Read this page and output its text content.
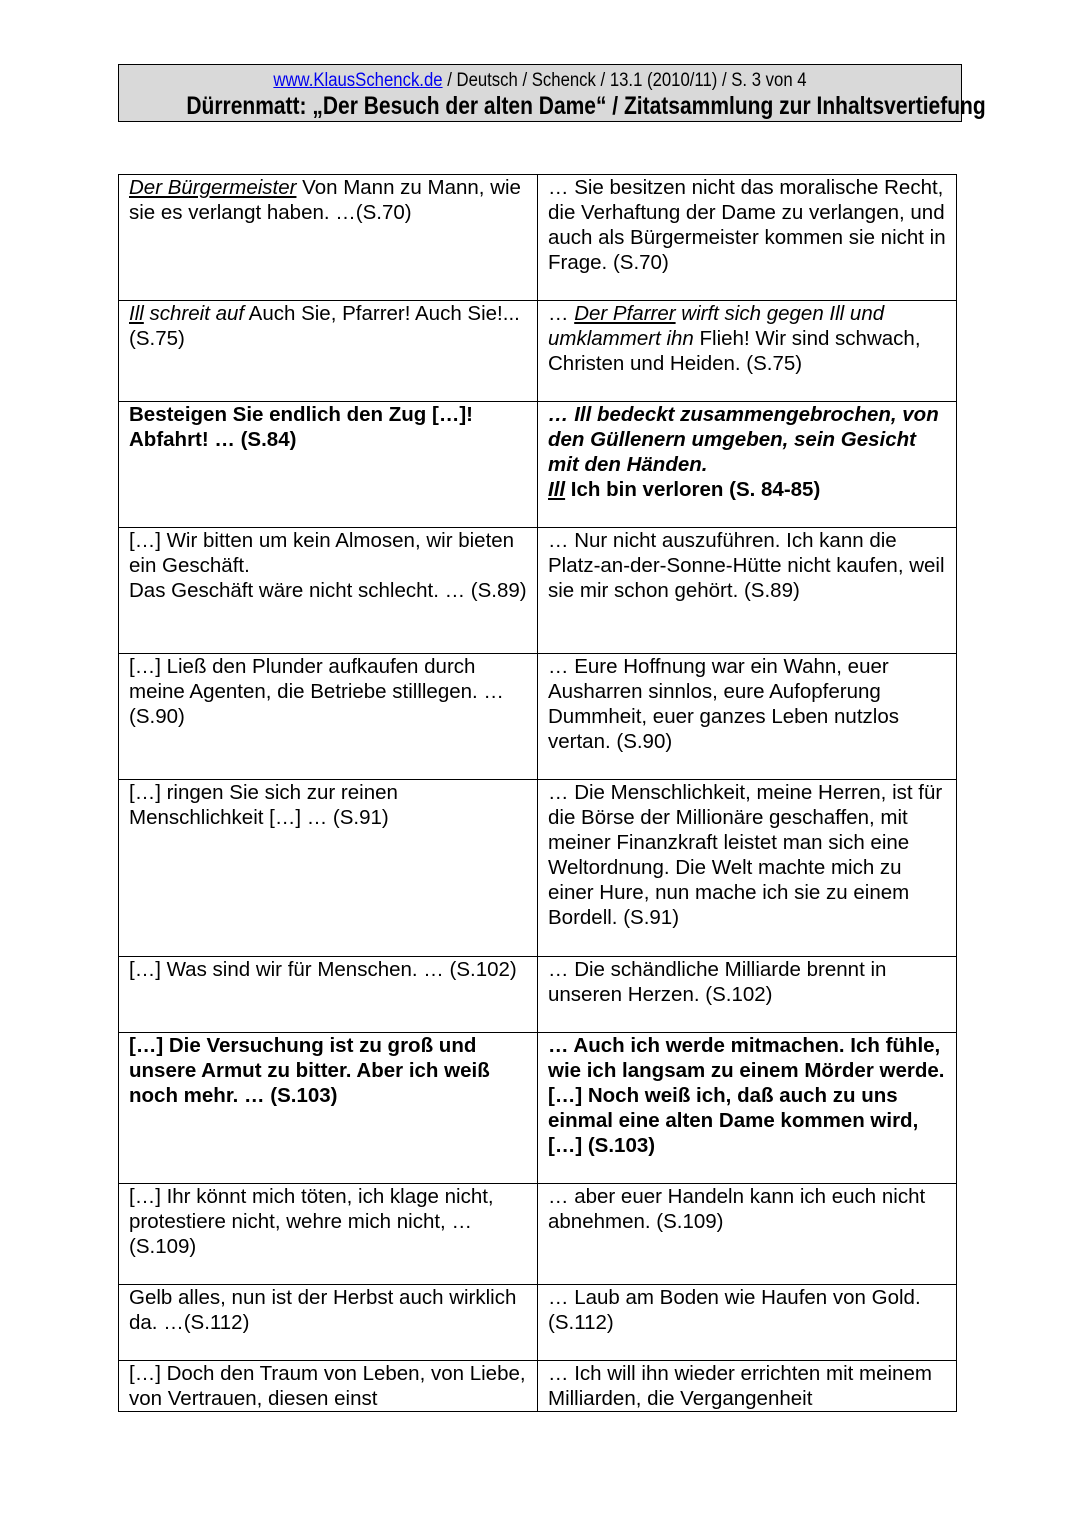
www.KlausSchenck.de / Deutsch / Schenck / 13.1 (2010/11) / S. 3 von 4
Dürrenmatt: „Der Besuch der alten Dame“ / Zitatsammlung zur Inhaltsvertiefung
Der Bürgermeister Von Mann zu Mann, wie sie es verlangt haben. …(S.70)	… Sie besitzen nicht das moralische Recht, die Verhaftung der Dame zu verlangen, und auch als Bürgermeister kommen sie nicht in Frage. (S.70)
Ill schreit auf Auch Sie, Pfarrer! Auch Sie!... (S.75)	… Der Pfarrer wirft sich gegen Ill und umklammert ihn Flieh! Wir sind schwach, Christen und Heiden. (S.75)
Besteigen Sie endlich den Zug […]! Abfahrt! … (S.84)	… Ill bedeckt zusammengebrochen, von den Güllenern umgeben, sein Gesicht mit den Händen.
Ill Ich bin verloren (S. 84-85)

[…] Wir bitten um kein Almosen, wir bieten ein Geschäft.
Das Geschäft wäre nicht schlecht. … (S.89)	… Nur nicht auszuführen. Ich kann die Platz-an-der-Sonne-Hütte nicht kaufen, weil sie mir schon gehört. (S.89)
[…] Ließ den Plunder aufkaufen durch meine Agenten, die Betriebe stilllegen. … (S.90)	… Eure Hoffnung war ein Wahn, euer Ausharren sinnlos, eure Aufopferung Dummheit, euer ganzes Leben nutzlos vertan. (S.90)
[…] ringen Sie sich zur reinen Menschlichkeit […] … (S.91)	… Die Menschlichkeit, meine Herren, ist für die Börse der Millionäre geschaffen, mit meiner Finanzkraft leistet man sich eine Weltordnung. Die Welt machte mich zu einer Hure, nun mache ich sie zu einem Bordell. (S.91)
[…] Was sind wir für Menschen. … (S.102)	… Die schändliche Milliarde brennt in unseren Herzen. (S.102)
[…] Die Versuchung ist zu groß und unsere Armut zu bitter. Aber ich weiß noch mehr. … (S.103)	… Auch ich werde mitmachen. Ich fühle, wie ich langsam zu einem Mörder werde. […] Noch weiß ich, daß auch zu uns einmal eine alten Dame kommen wird, […] (S.103)
[…] Ihr könnt mich töten, ich klage nicht, protestiere nicht, wehre mich nicht, … (S.109)	… aber euer Handeln kann ich euch nicht abnehmen. (S.109)
Gelb alles, nun ist der Herbst auch wirklich da. …(S.112)	… Laub am Boden wie Haufen von Gold. (S.112)
[…] Doch den Traum von Leben, von Liebe, von Vertrauen, diesen einst	… Ich will ihn wieder errichten mit meinem Milliarden, die Vergangenheit
